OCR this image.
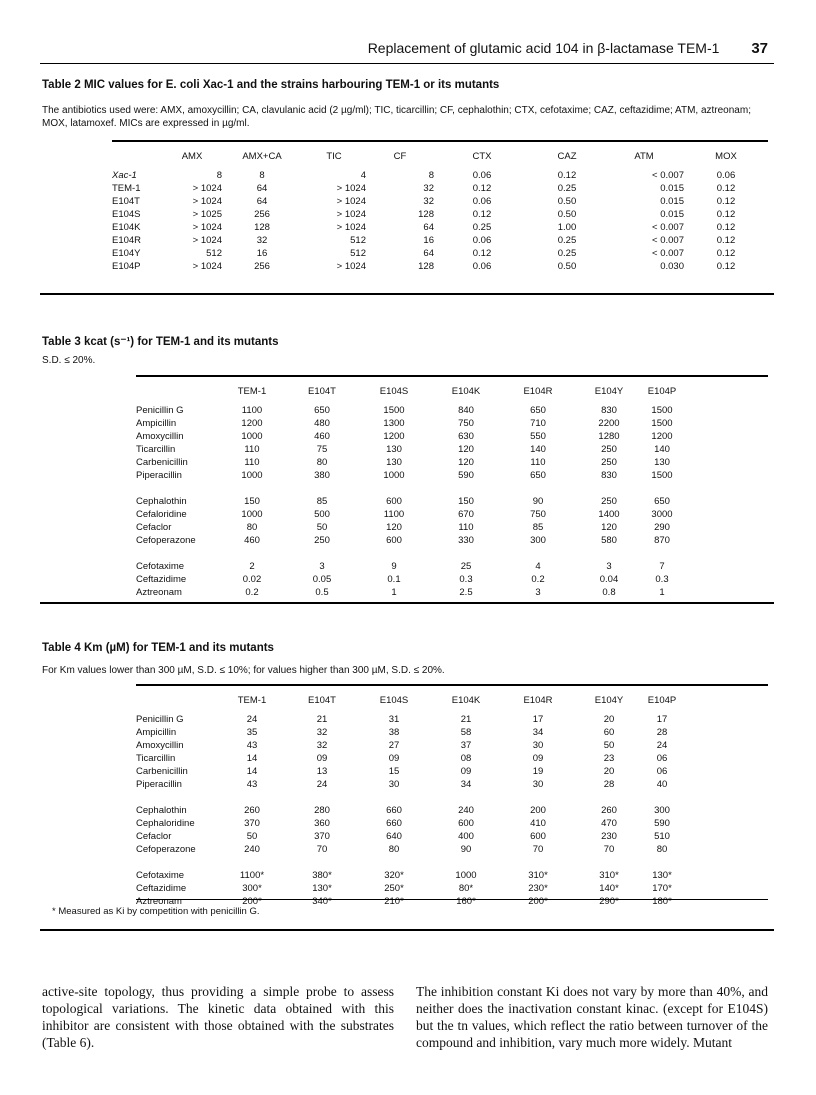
Replacement of glutamic acid 104 in β-lactamase TEM-1 37
Table 2 MIC values for E. coli Xac-1 and the strains harbouring TEM-1 or its mutants
The antibiotics used were: AMX, amoxycillin; CA, clavulanic acid (2 µg/ml); TIC, ticarcillin; CF, cephalothin; CTX, cefotaxime; CAZ, ceftazidime; ATM, aztreonam; MOX, latamoxef. MICs are expressed in µg/ml.
	AMX	AMX+CA	TIC	CF	CTX	CAZ	ATM	MOX	
Xac-1	8	8	4	8	0.06	0.12	< 0.007	0.06	
TEM-1	> 1024	64	> 1024	32	0.12	0.25	0.015	0.12	
E104T	> 1024	64	> 1024	32	0.06	0.50	0.015	0.12	
E104S	> 1025	256	> 1024	128	0.12	0.50	0.015	0.12	
E104K	> 1024	128	> 1024	64	0.25	1.00	< 0.007	0.12	
E104R	> 1024	32	512	16	0.06	0.25	< 0.007	0.12	
E104Y	512	16	512	64	0.12	0.25	< 0.007	0.12	
E104P	> 1024	256	> 1024	128	0.06	0.50	0.030	0.12	
Table 3 kcat (s⁻¹) for TEM-1 and its mutants
S.D. ≤ 20%.
	TEM-1	E104T	E104S	E104K	E104R	E104Y	E104P	
Penicillin G	1100	650	1500	840	650	830	1500	
Ampicillin	1200	480	1300	750	710	2200	1500	
Amoxycillin	1000	460	1200	630	550	1280	1200	
Ticarcillin	110	75	130	120	140	250	140	
Carbenicillin	110	80	130	120	110	250	130	
Piperacillin	1000	380	1000	590	650	830	1500	

Cephalothin	150	85	600	150	90	250	650	
Cefaloridine	1000	500	1100	670	750	1400	3000	
Cefaclor	80	50	120	110	85	120	290	
Cefoperazone	460	250	600	330	300	580	870	

Cefotaxime	2	3	9	25	4	3	7	
Ceftazidime	0.02	0.05	0.1	0.3	0.2	0.04	0.3	
Aztreonam	0.2	0.5	1	2.5	3	0.8	1	
Table 4 Km (µM) for TEM-1 and its mutants
For Km values lower than 300 µM, S.D. ≤ 10%; for values higher than 300 µM, S.D. ≤ 20%.
	TEM-1	E104T	E104S	E104K	E104R	E104Y	E104P	
Penicillin G	24	21	31	21	17	20	17	
Ampicillin	35	32	38	58	34	60	28	
Amoxycillin	43	32	27	37	30	50	24	
Ticarcillin	14	09	09	08	09	23	06	
Carbenicillin	14	13	15	09	19	20	06	
Piperacillin	43	24	30	34	30	28	40	

Cephalothin	260	280	660	240	200	260	300	
Cephaloridine	370	360	660	600	410	470	590	
Cefaclor	50	370	640	400	600	230	510	
Cefoperazone	240	70	80	90	70	70	80	

Cefotaxime	1100*	380*	320*	1000	310*	310*	130*	
Ceftazidime	300*	130*	250*	80*	230*	140*	170*	
Aztreonam	200*	340*	210*	160*	200*	290*	180*	
* Measured as Ki by competition with penicillin G.
active-site topology, thus providing a simple probe to assess topological variations. The kinetic data obtained with this inhibitor are consistent with those obtained with the substrates (Table 6).
The inhibition constant Ki does not vary by more than 40%, and neither does the inactivation constant kinac. (except for E104S) but the tn values, which reflect the ratio between turnover of the compound and inhibition, vary much more widely. Mutant
